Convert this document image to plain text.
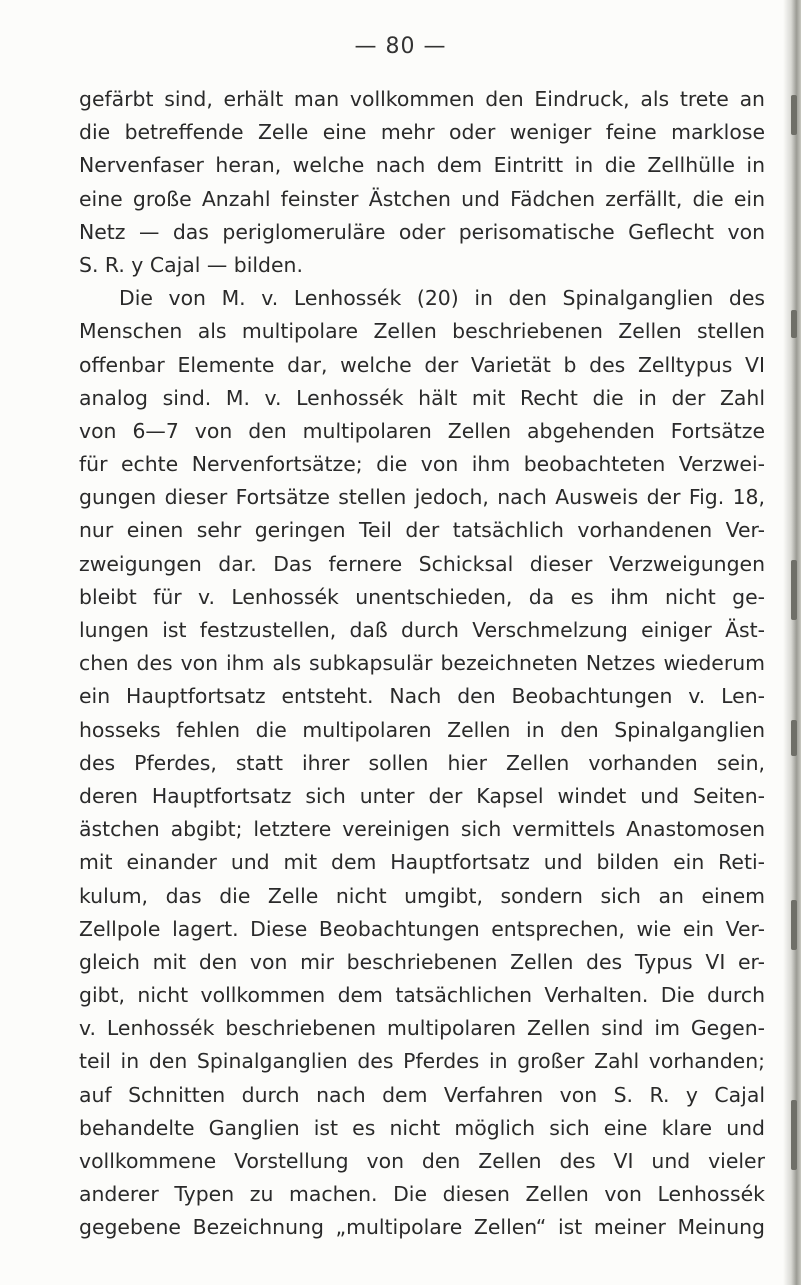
— 80 —
gefärbt sind, erhält man vollkommen den Eindruck, als trete an
die betreffende Zelle eine mehr oder weniger feine marklose
Nervenfaser heran, welche nach dem Eintritt in die Zellhülle in
eine große Anzahl feinster Ästchen und Fädchen zerfällt, die ein
Netz — das periglomeruläre oder perisomatische Geflecht von
S. R. y Cajal — bilden.
Die von M. v. Lenhossék (20) in den Spinalganglien des
Menschen als multipolare Zellen beschriebenen Zellen stellen
offenbar Elemente dar, welche der Varietät b des Zelltypus VI
analog sind. M. v. Lenhossék hält mit Recht die in der Zahl
von 6—7 von den multipolaren Zellen abgehenden Fortsätze
für echte Nervenfortsätze; die von ihm beobachteten Verzwei-
gungen dieser Fortsätze stellen jedoch, nach Ausweis der Fig. 18,
nur einen sehr geringen Teil der tatsächlich vorhandenen Ver-
zweigungen dar. Das fernere Schicksal dieser Verzweigungen
bleibt für v. Lenhossék unentschieden, da es ihm nicht ge-
lungen ist festzustellen, daß durch Verschmelzung einiger Äst-
chen des von ihm als subkapsulär bezeichneten Netzes wiederum
ein Hauptfortsatz entsteht. Nach den Beobachtungen v. Len-
hosseks fehlen die multipolaren Zellen in den Spinalganglien
des Pferdes, statt ihrer sollen hier Zellen vorhanden sein,
deren Hauptfortsatz sich unter der Kapsel windet und Seiten-
ästchen abgibt; letztere vereinigen sich vermittels Anastomosen
mit einander und mit dem Hauptfortsatz und bilden ein Reti-
kulum, das die Zelle nicht umgibt, sondern sich an einem
Zellpole lagert. Diese Beobachtungen entsprechen, wie ein Ver-
gleich mit den von mir beschriebenen Zellen des Typus VI er-
gibt, nicht vollkommen dem tatsächlichen Verhalten. Die durch
v. Lenhossék beschriebenen multipolaren Zellen sind im Gegen-
teil in den Spinalganglien des Pferdes in großer Zahl vorhanden;
auf Schnitten durch nach dem Verfahren von S. R. y Cajal
behandelte Ganglien ist es nicht möglich sich eine klare und
vollkommene Vorstellung von den Zellen des VI und vieler
anderer Typen zu machen. Die diesen Zellen von Lenhossék
gegebene Bezeichnung „multipolare Zellen“ ist meiner Meinung
